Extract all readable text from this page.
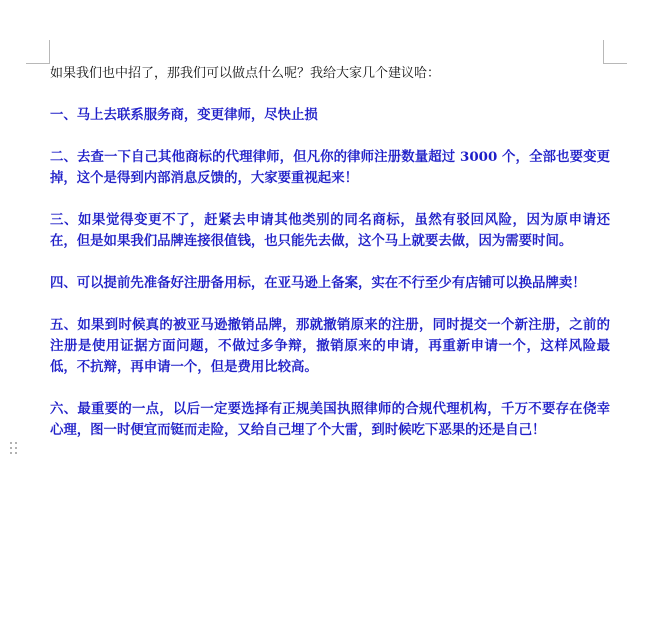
如果我们也中招了，那我们可以做点什么呢？我给大家几个建议哈：

一、马上去联系服务商，变更律师，尽快止损

二、去查一下自己其他商标的代理律师，但凡你的律师注册数量超过 3000 个，全部也要变更掉，这个是得到内部消息反馈的，大家要重视起来！

三、如果觉得变更不了，赶紧去申请其他类别的同名商标，虽然有驳回风险，因为原申请还在，但是如果我们品牌连接很值钱，也只能先去做，这个马上就要去做，因为需要时间。

四、可以提前先准备好注册备用标，在亚马逊上备案，实在不行至少有店铺可以换品牌卖！

五、如果到时候真的被亚马逊撤销品牌，那就撤销原来的注册，同时提交一个新注册，之前的注册是使用证据方面问题，不做过多争辩，撤销原来的申请，再重新申请一个，这样风险最低，不抗辩，再申请一个，但是费用比较高。

六、最重要的一点，以后一定要选择有正规美国执照律师的合规代理机构，千万不要存在侥幸心理，图一时便宜而铤而走险，又给自己埋了个大雷，到时候吃下恶果的还是自己！
